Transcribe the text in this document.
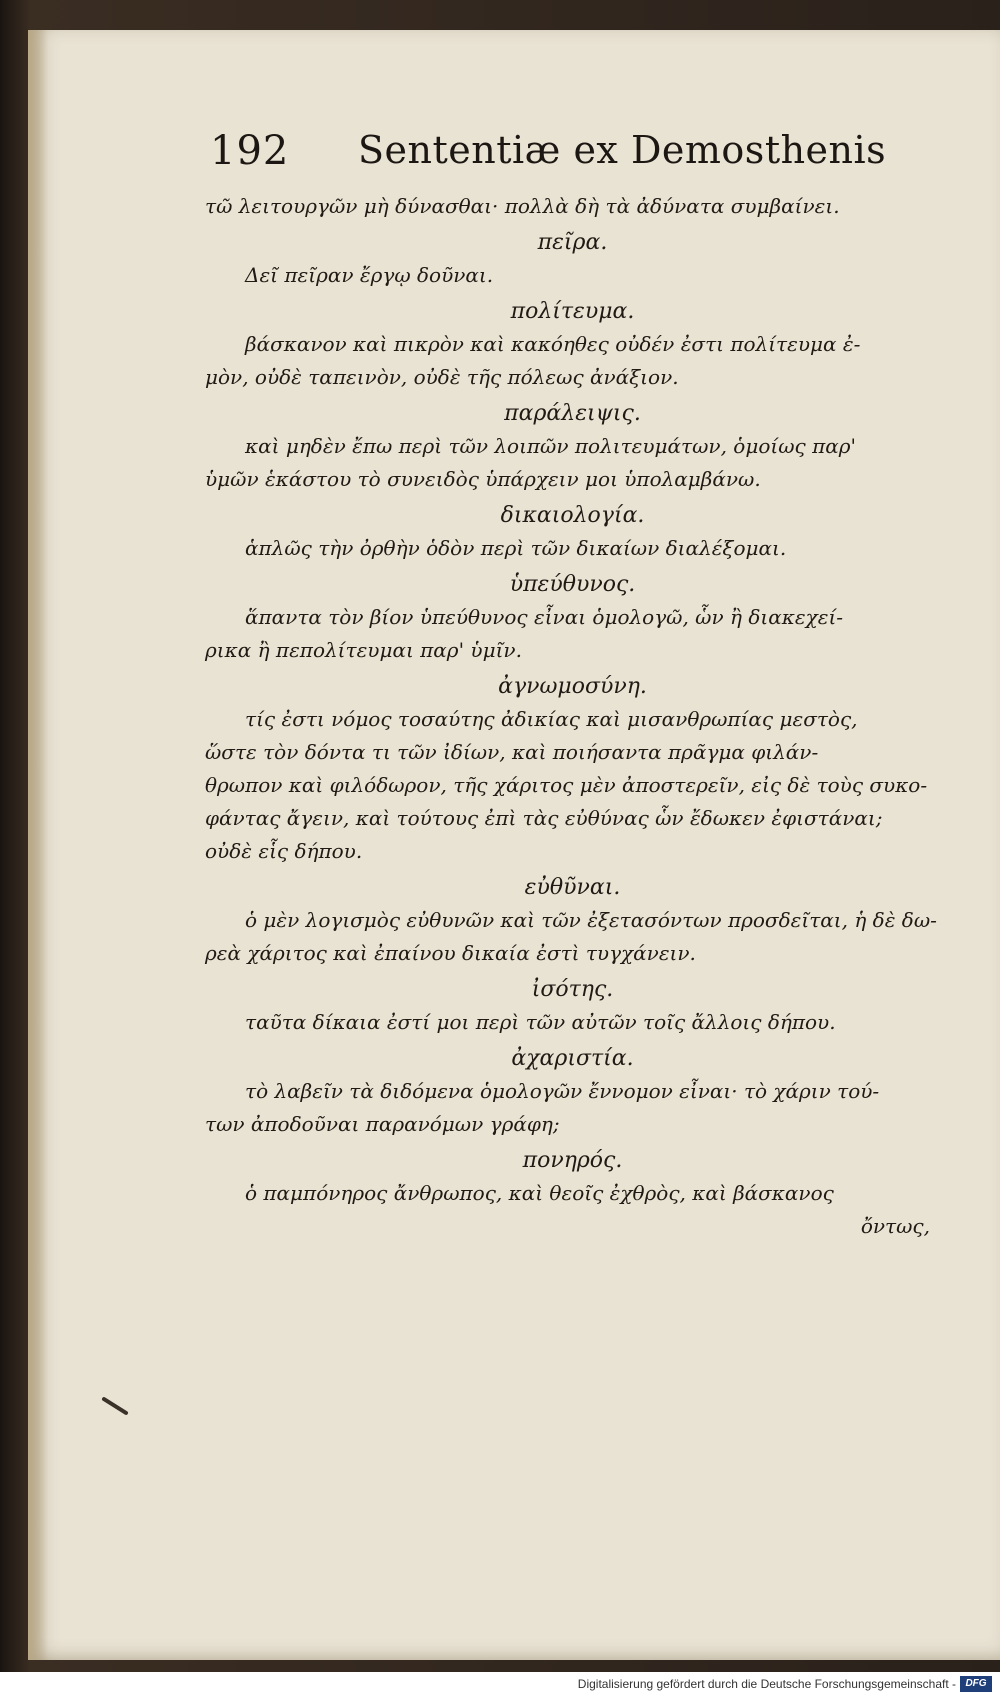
192 Sententiæ ex Demosthenis
τῶ λειτουργῶν μὴ δύνασθαι· πολλὰ δὴ τὰ ἀδύνατα συμβαίνει.
πεῖρα.
Δεῖ πεῖραν ἔργῳ δοῦναι.
πολίτευμα.
βάσκανον καὶ πικρὸν καὶ κακόηθες οὐδέν ἐστι πολίτευμα ἐ-
μὸν, οὐδὲ ταπεινὸν, οὐδὲ τῆς πόλεως ἀνάξιον.
παράλειψις.
καὶ μηδὲν ἔπω περὶ τῶν λοιπῶν πολιτευμάτων, ὁμοίως παρ'
ὑμῶν ἑκάστου τὸ συνειδὸς ὑπάρχειν μοι ὑπολαμβάνω.
δικαιολογία.
ἁπλῶς τὴν ὀρθὴν ὁδὸν περὶ τῶν δικαίων διαλέξομαι.
ὑπεύθυνος.
ἅπαντα τὸν βίον ὑπεύθυνος εἶναι ὁμολογῶ, ὧν ἢ διακεχεί-
ρικα ἢ πεπολίτευμαι παρ' ὑμῖν.
ἀγνωμοσύνη.
τίς ἐστι νόμος τοσαύτης ἀδικίας καὶ μισανθρωπίας μεστὸς,
ὥστε τὸν δόντα τι τῶν ἰδίων, καὶ ποιήσαντα πρᾶγμα φιλάν-
θρωπον καὶ φιλόδωρον, τῆς χάριτος μὲν ἀποστερεῖν, εἰς δὲ τοὺς συκο-
φάντας ἄγειν, καὶ τούτους ἐπὶ τὰς εὐθύνας ὧν ἔδωκεν ἐφιστάναι;
οὐδὲ εἷς δήπου.
εὐθῦναι.
ὁ μὲν λογισμὸς εὐθυνῶν καὶ τῶν ἐξετασόντων προσδεῖται, ἡ δὲ δω-
ρεὰ χάριτος καὶ ἐπαίνου δικαία ἐστὶ τυγχάνειν.
ἰσότης.
ταῦτα δίκαια ἐστί μοι περὶ τῶν αὐτῶν τοῖς ἄλλοις δήπου.
ἀχαριστία.
τὸ λαβεῖν τὰ διδόμενα ὁμολογῶν ἔννομον εἶναι· τὸ χάριν τού-
των ἀποδοῦναι παρανόμων γράφη;
πονηρός.
ὁ παμπόνηρος ἄνθρωπος, καὶ θεοῖς ἐχθρὸς, καὶ βάσκανος
ὄντως,
Digitalisierung gefördert durch die Deutsche Forschungsgemeinschaft - DFG
